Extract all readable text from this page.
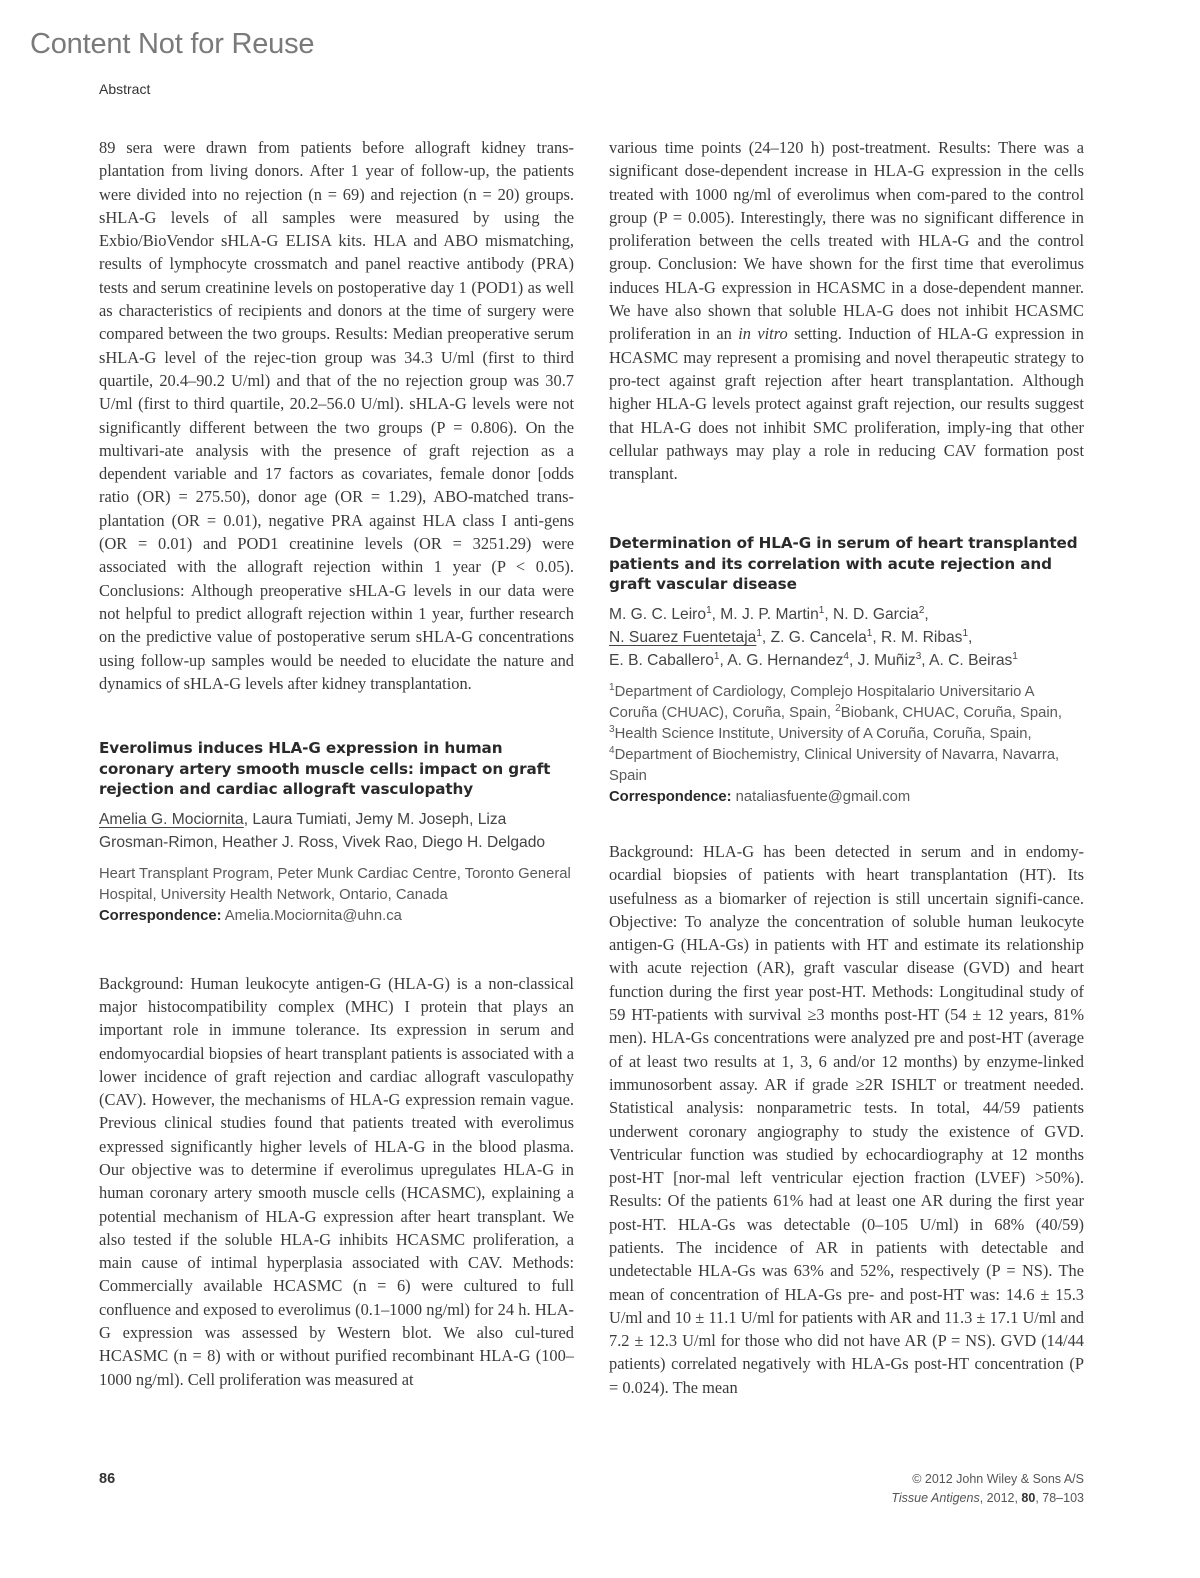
Content Not for Reuse
Abstract

89 sera were drawn from patients before allograft kidney trans-plantation from living donors. After 1 year of follow-up, the patients were divided into no rejection (n = 69) and rejection (n = 20) groups. sHLA-G levels of all samples were measured by using the Exbio/BioVendor sHLA-G ELISA kits. HLA and ABO mismatching, results of lymphocyte crossmatch and panel reactive antibody (PRA) tests and serum creatinine levels on postoperative day 1 (POD1) as well as characteristics of recipients and donors at the time of surgery were compared between the two groups. Results: Median preoperative serum sHLA-G level of the rejec-tion group was 34.3 U/ml (first to third quartile, 20.4–90.2 U/ml) and that of the no rejection group was 30.7 U/ml (first to third quartile, 20.2–56.0 U/ml). sHLA-G levels were not significantly different between the two groups (P = 0.806). On the multivari-ate analysis with the presence of graft rejection as a dependent variable and 17 factors as covariates, female donor [odds ratio (OR) = 275.50), donor age (OR = 1.29), ABO-matched trans-plantation (OR = 0.01), negative PRA against HLA class I anti-gens (OR = 0.01) and POD1 creatinine levels (OR = 3251.29) were associated with the allograft rejection within 1 year (P < 0.05). Conclusions: Although preoperative sHLA-G levels in our data were not helpful to predict allograft rejection within 1 year, further research on the predictive value of postoperative serum sHLA-G concentrations using follow-up samples would be needed to elucidate the nature and dynamics of sHLA-G levels after kidney transplantation.

Everolimus induces HLA-G expression in human coronary artery smooth muscle cells: impact on graft rejection and cardiac allograft vasculopathy

Amelia G. Mociornita, Laura Tumiati, Jemy M. Joseph, Liza Grosman-Rimon, Heather J. Ross, Vivek Rao, Diego H. Delgado

Heart Transplant Program, Peter Munk Cardiac Centre, Toronto General Hospital, University Health Network, Ontario, Canada

Correspondence: Amelia.Mociornita@uhn.ca

Background: Human leukocyte antigen-G (HLA-G) is a non-classical major histocompatibility complex (MHC) I protein that plays an important role in immune tolerance. Its expression in serum and endomyocardial biopsies of heart transplant patients is associated with a lower incidence of graft rejection and cardiac allograft vasculopathy (CAV). However, the mechanisms of HLA-G expression remain vague. Previous clinical studies found that patients treated with everolimus expressed significantly higher levels of HLA-G in the blood plasma. Our objective was to determine if everolimus upregulates HLA-G in human coronary artery smooth muscle cells (HCASMC), explaining a potential mechanism of HLA-G expression after heart transplant. We also tested if the soluble HLA-G inhibits HCASMC proliferation, a main cause of intimal hyperplasia associated with CAV. Methods: Commercially available HCASMC (n = 6) were cultured to full confluence and exposed to everolimus (0.1–1000 ng/ml) for 24 h. HLA-G expression was assessed by Western blot. We also cul-tured HCASMC (n = 8) with or without purified recombinant HLA-G (100–1000 ng/ml). Cell proliferation was measured at

various time points (24–120 h) post-treatment. Results: There was a significant dose-dependent increase in HLA-G expression in the cells treated with 1000 ng/ml of everolimus when com-pared to the control group (P = 0.005). Interestingly, there was no significant difference in proliferation between the cells treated with HLA-G and the control group. Conclusion: We have shown for the first time that everolimus induces HLA-G expression in HCASMC in a dose-dependent manner. We have also shown that soluble HLA-G does not inhibit HCASMC proliferation in an in vitro setting. Induction of HLA-G expression in HCASMC may represent a promising and novel therapeutic strategy to pro-tect against graft rejection after heart transplantation. Although higher HLA-G levels protect against graft rejection, our results suggest that HLA-G does not inhibit SMC proliferation, imply-ing that other cellular pathways may play a role in reducing CAV formation post transplant.

Determination of HLA-G in serum of heart transplanted patients and its correlation with acute rejection and graft vascular disease

M. G. C. Leiro$^1$, M. J. P. Martin$^1$, N. D. Garcia$^2$,
N. Suarez Fuentetaja$^1$, Z. G. Cancela$^1$, R. M. Ribas$^1$,
E. B. Caballero$^1$, A. G. Hernandez$^4$, J. Muñiz$^3$, A. C. Beiras$^1$

$^1$Department of Cardiology, Complejo Hospitalario Universitario A Coruña (CHUAC), Coruña, Spain, $^2$Biobank, CHUAC, Coruña, Spain, $^3$Health Science Institute, University of A Coruña, Coruña, Spain, $^4$Department of Biochemistry, Clinical University of Navarra, Navarra, Spain

Correspondence: nataliasfuente@gmail.com

Background: HLA-G has been detected in serum and in endomy-ocardial biopsies of patients with heart transplantation (HT). Its usefulness as a biomarker of rejection is still uncertain signifi-cance. Objective: To analyze the concentration of soluble human leukocyte antigen-G (HLA-Gs) in patients with HT and estimate its relationship with acute rejection (AR), graft vascular disease (GVD) and heart function during the first year post-HT. Methods: Longitudinal study of 59 HT-patients with survival ≥3 months post-HT (54 ± 12 years, 81% men). HLA-Gs concentrations were analyzed pre and post-HT (average of at least two results at 1, 3, 6 and/or 12 months) by enzyme-linked immunosorbent assay. AR if grade ≥2R ISHLT or treatment needed. Statistical analysis: nonparametric tests. In total, 44/59 patients underwent coronary angiography to study the existence of GVD. Ventricular function was studied by echocardiography at 12 months post-HT [nor-mal left ventricular ejection fraction (LVEF) >50%). Results: Of the patients 61% had at least one AR during the first year post-HT. HLA-Gs was detectable (0–105 U/ml) in 68% (40/59) patients. The incidence of AR in patients with detectable and undetectable HLA-Gs was 63% and 52%, respectively (P = NS). The mean of concentration of HLA-Gs pre- and post-HT was: 14.6 ± 15.3 U/ml and 10 ± 11.1 U/ml for patients with AR and 11.3 ± 17.1 U/ml and 7.2 ± 12.3 U/ml for those who did not have AR (P = NS). GVD (14/44 patients) correlated negatively with HLA-Gs post-HT concentration (P = 0.024). The mean

86	© 2012 John Wiley & Sons A/S
Tissue Antigens, 2012, 80, 78–103
